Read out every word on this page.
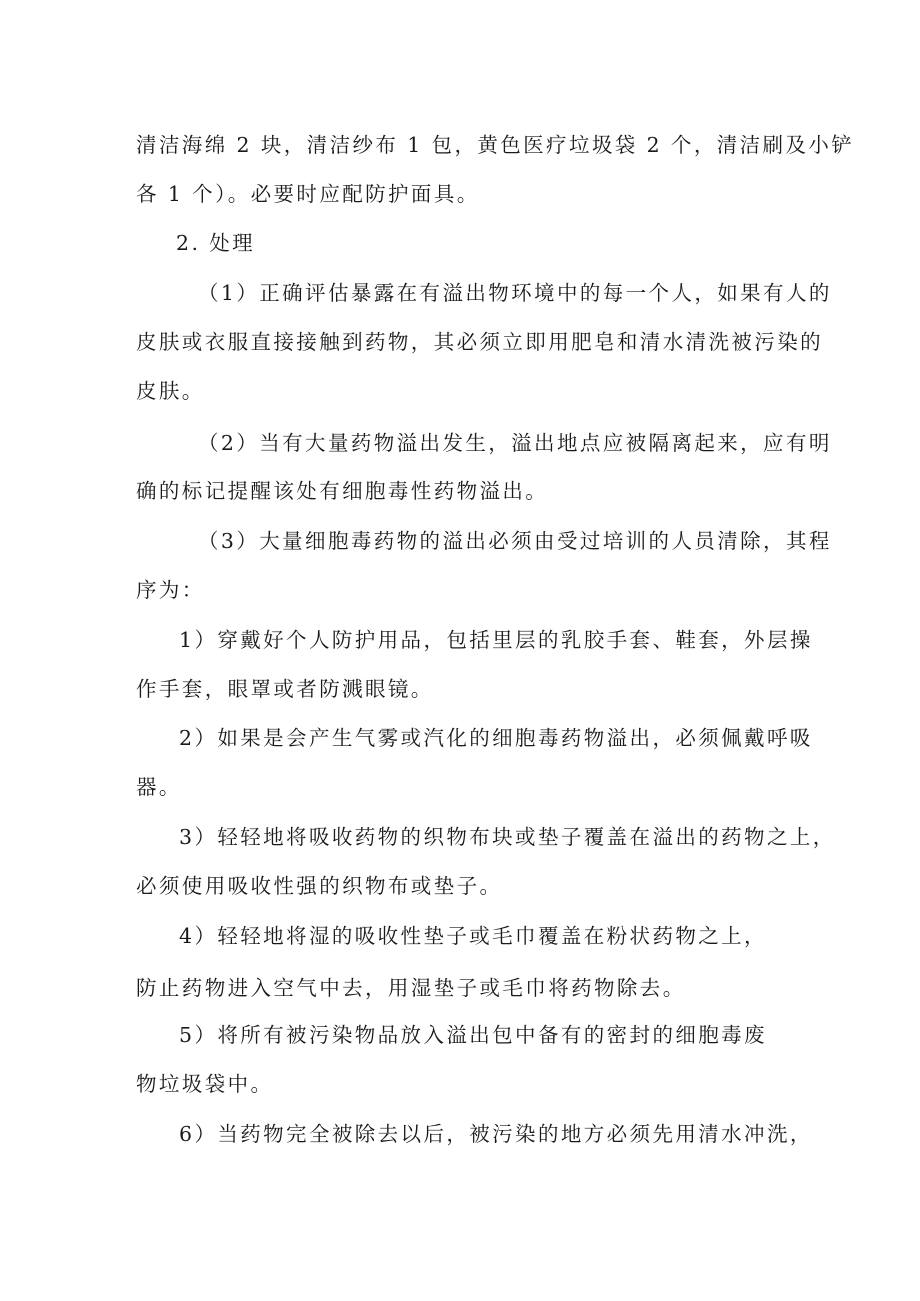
清洁海绵 2 块，清洁纱布 1 包，黄色医疗垃圾袋 2 个，清洁刷及小铲
各 1 个）。必要时应配防护面具。
2. 处理
（1）正确评估暴露在有溢出物环境中的每一个人，如果有人的
皮肤或衣服直接接触到药物，其必须立即用肥皂和清水清洗被污染的
皮肤。
（2）当有大量药物溢出发生，溢出地点应被隔离起来，应有明
确的标记提醒该处有细胞毒性药物溢出。
（3）大量细胞毒药物的溢出必须由受过培训的人员清除，其程
序为：
1）穿戴好个人防护用品，包括里层的乳胶手套、鞋套，外层操
作手套，眼罩或者防溅眼镜。
2）如果是会产生气雾或汽化的细胞毒药物溢出，必须佩戴呼吸
器。
3）轻轻地将吸收药物的织物布块或垫子覆盖在溢出的药物之上，
必须使用吸收性强的织物布或垫子。
4）轻轻地将湿的吸收性垫子或毛巾覆盖在粉状药物之上，
防止药物进入空气中去，用湿垫子或毛巾将药物除去。
5）将所有被污染物品放入溢出包中备有的密封的细胞毒废
物垃圾袋中。
6）当药物完全被除去以后，被污染的地方必须先用清水冲洗，
